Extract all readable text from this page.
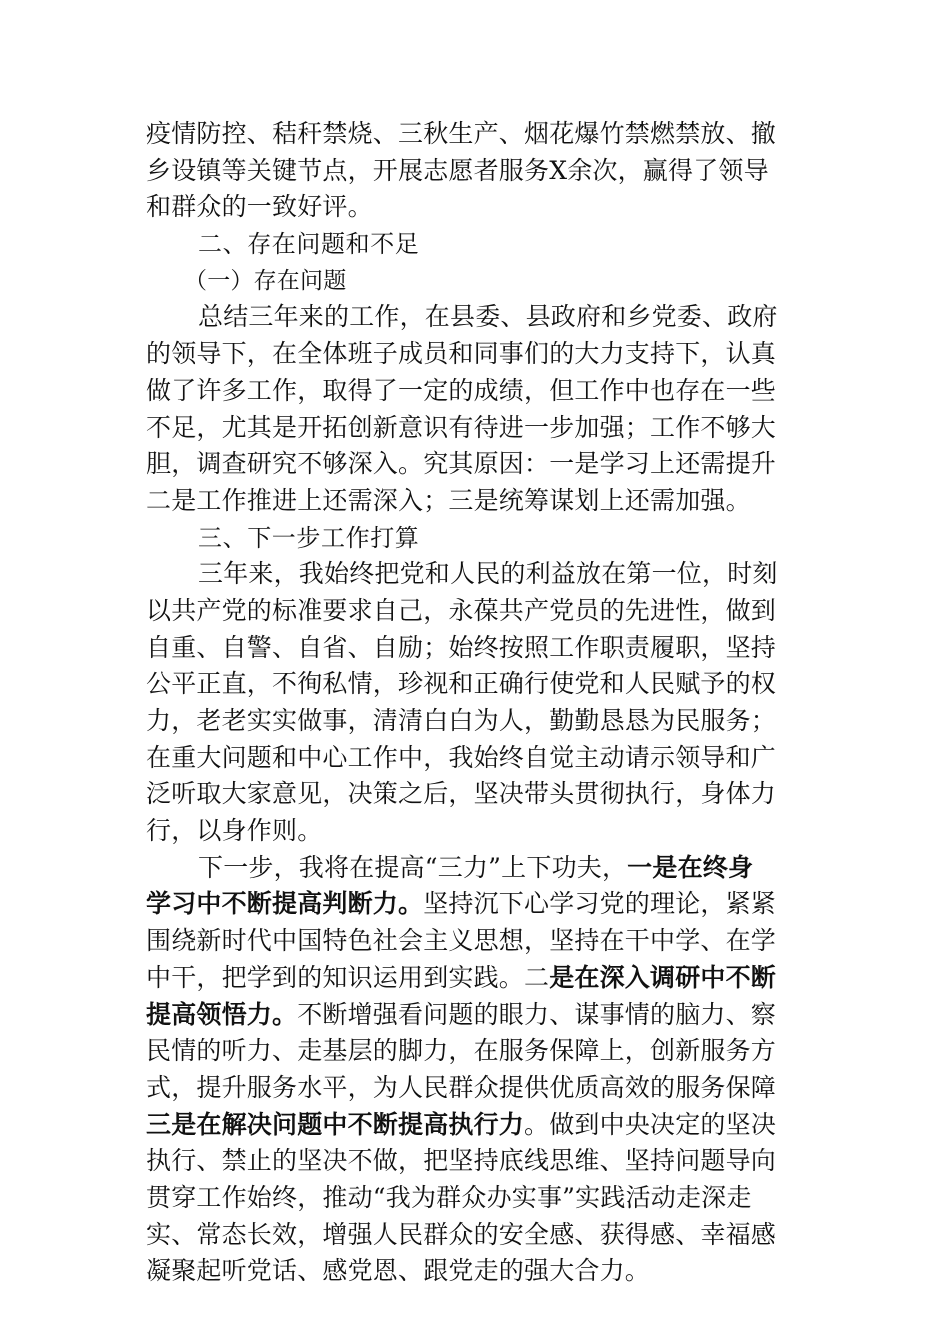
疫情防控、秸秆禁烧、三秋生产、烟花爆竹禁燃禁放、撤
乡设镇等关键节点，开展志愿者服务X余次，赢得了领导
和群众的一致好评。
二、存在问题和不足
（一）存在问题
总结三年来的工作，在县委、县政府和乡党委、政府
的领导下，在全体班子成员和同事们的大力支持下，认真
做了许多工作，取得了一定的成绩，但工作中也存在一些
不足，尤其是开拓创新意识有待进一步加强；工作不够大
胆，调查研究不够深入。究其原因：一是学习上还需提升
二是工作推进上还需深入；三是统筹谋划上还需加强。
三、下一步工作打算
三年来，我始终把党和人民的利益放在第一位，时刻
以共产党的标准要求自己，永葆共产党员的先进性，做到
自重、自警、自省、自励；始终按照工作职责履职，坚持
公平正直，不徇私情，珍视和正确行使党和人民赋予的权
力，老老实实做事，清清白白为人，勤勤恳恳为民服务；
在重大问题和中心工作中，我始终自觉主动请示领导和广
泛听取大家意见，决策之后，坚决带头贯彻执行，身体力
行，以身作则。
下一步，我将在提高“三力”上下功夫，一是在终身
学习中不断提高判断力。坚持沉下心学习党的理论，紧紧
围绕新时代中国特色社会主义思想，坚持在干中学、在学
中干，把学到的知识运用到实践。二是在深入调研中不断
提高领悟力。不断增强看问题的眼力、谋事情的脑力、察
民情的听力、走基层的脚力，在服务保障上，创新服务方
式，提升服务水平，为人民群众提供优质高效的服务保障
三是在解决问题中不断提高执行力。做到中央决定的坚决
执行、禁止的坚决不做，把坚持底线思维、坚持问题导向
贯穿工作始终，推动“我为群众办实事”实践活动走深走
实、常态长效，增强人民群众的安全感、获得感、幸福感
凝聚起听党话、感党恩、跟党走的强大合力。
